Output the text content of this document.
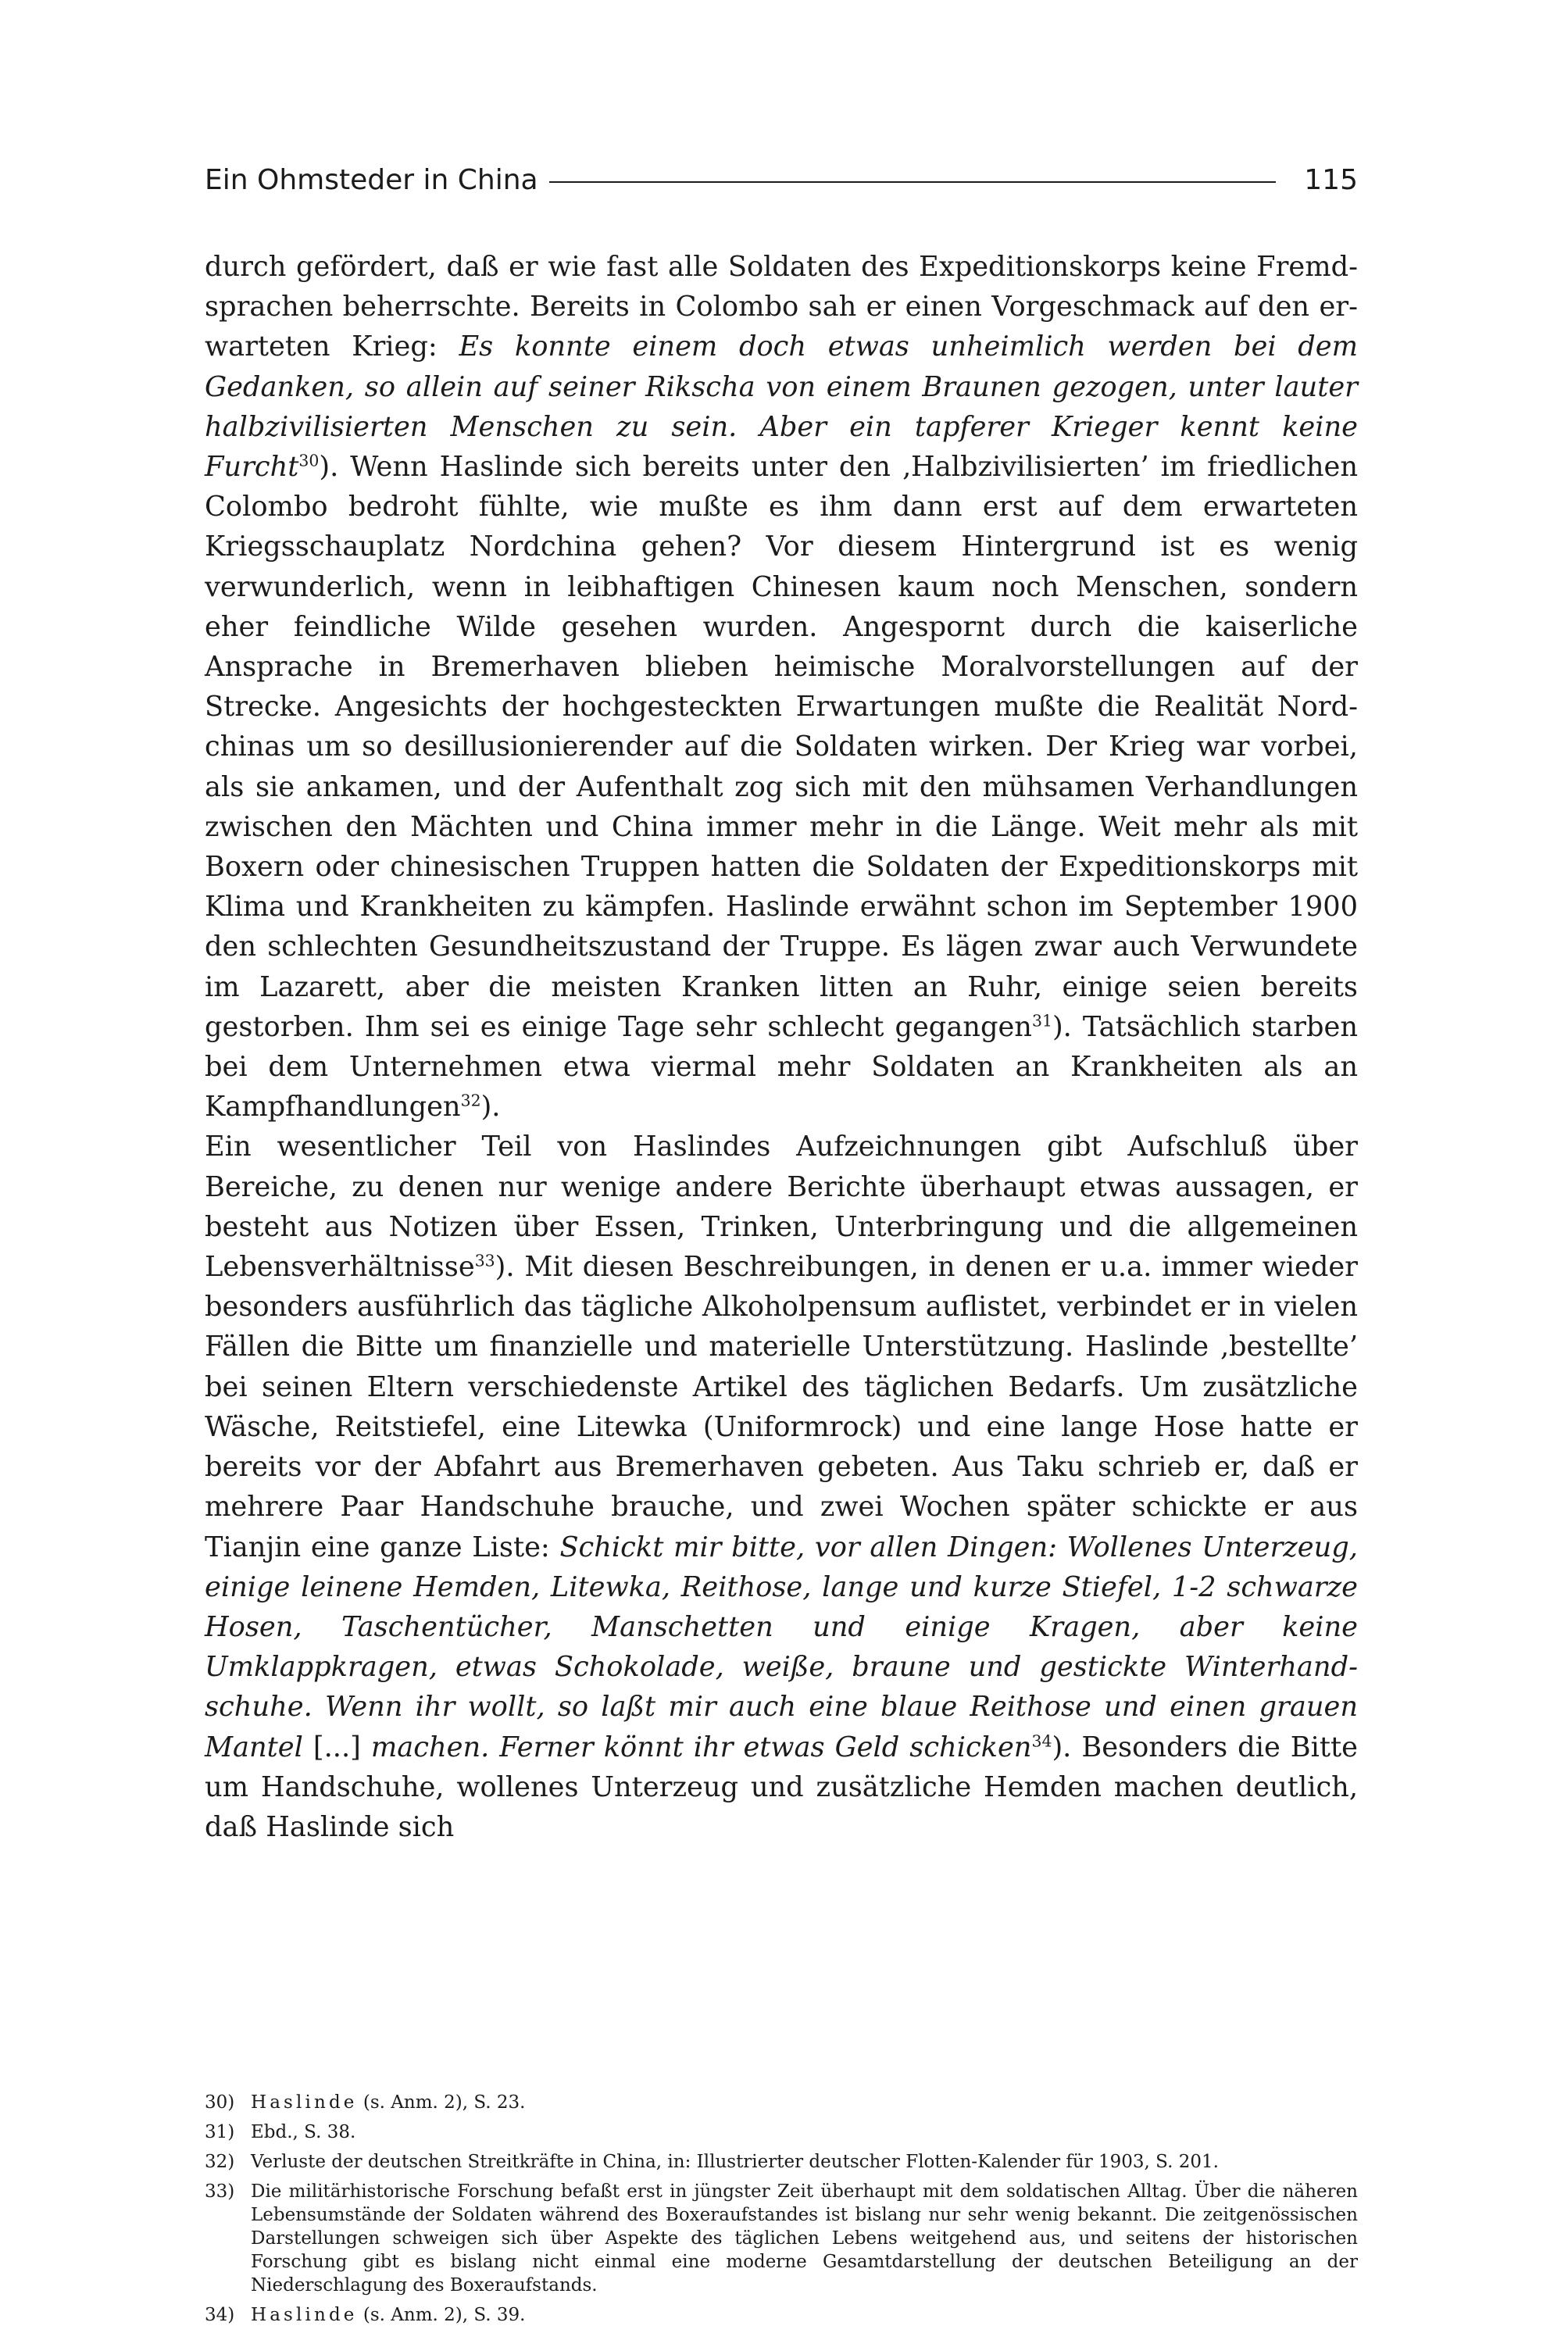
Ein Ohmsteder in China	115

durch gefördert, daß er wie fast alle Soldaten des Expeditionskorps keine Fremdsprachen beherrschte. Bereits in Colombo sah er einen Vorgeschmack auf den erwarteten Krieg: Es konnte einem doch etwas unheimlich werden bei dem Gedanken, so allein auf seiner Rikscha von einem Braunen gezogen, unter lauter halbzivilisierten Menschen zu sein. Aber ein tapferer Krieger kennt keine Furcht$^{30}$). Wenn Haslinde sich bereits unter den ‚Halbzivilisierten’ im friedlichen Colombo bedroht fühlte, wie mußte es ihm dann erst auf dem erwarteten Kriegsschauplatz Nordchina gehen? Vor diesem Hintergrund ist es wenig verwunderlich, wenn in leibhaftigen Chinesen kaum noch Menschen, sondern eher feindliche Wilde gesehen wurden. Angespornt durch die kaiserliche Ansprache in Bremerhaven blieben heimische Moralvorstellungen auf der Strecke. Angesichts der hochgesteckten Erwartungen mußte die Realität Nordchinas um so desillusionierender auf die Soldaten wirken. Der Krieg war vorbei, als sie ankamen, und der Aufenthalt zog sich mit den mühsamen Verhandlungen zwischen den Mächten und China immer mehr in die Länge. Weit mehr als mit Boxern oder chinesischen Truppen hatten die Soldaten der Expeditionskorps mit Klima und Krankheiten zu kämpfen. Haslinde erwähnt schon im September 1900 den schlechten Gesundheitszustand der Truppe. Es lägen zwar auch Verwundete im Lazarett, aber die meisten Kranken litten an Ruhr, einige seien bereits gestorben. Ihm sei es einige Tage sehr schlecht gegangen$^{31}$). Tatsächlich starben bei dem Unternehmen etwa viermal mehr Soldaten an Krankheiten als an Kampfhandlungen$^{32}$).

Ein wesentlicher Teil von Haslindes Aufzeichnungen gibt Aufschluß über Bereiche, zu denen nur wenige andere Berichte überhaupt etwas aussagen, er besteht aus Notizen über Essen, Trinken, Unterbringung und die allgemeinen Lebensverhältnisse$^{33}$). Mit diesen Beschreibungen, in denen er u.a. immer wieder besonders ausführlich das tägliche Alkoholpensum auflistet, verbindet er in vielen Fällen die Bitte um finanzielle und materielle Unterstützung. Haslinde ‚bestellte’ bei seinen Eltern verschiedenste Artikel des täglichen Bedarfs. Um zusätzliche Wäsche, Reitstiefel, eine Litewka (Uniformrock) und eine lange Hose hatte er bereits vor der Abfahrt aus Bremerhaven gebeten. Aus Taku schrieb er, daß er mehrere Paar Handschuhe brauche, und zwei Wochen später schickte er aus Tianjin eine ganze Liste: Schickt mir bitte, vor allen Dingen: Wollenes Unterzeug, einige leinene Hemden, Litewka, Reithose, lange und kurze Stiefel, 1-2 schwarze Hosen, Taschentücher, Manschetten und einige Kragen, aber keine Umklappkragen, etwas Schokolade, weiße, braune und gestickte Winterhandschuhe. Wenn ihr wollt, so laßt mir auch eine blaue Reithose und einen grauen Mantel [...] machen. Ferner könnt ihr etwas Geld schicken$^{34}$). Besonders die Bitte um Handschuhe, wollenes Unterzeug und zusätzliche Hemden machen deutlich, daß Haslinde sich

30) Haslinde (s. Anm. 2), S. 23.
31) Ebd., S. 38.
32) Verluste der deutschen Streitkräfte in China, in: Illustrierter deutscher Flotten-Kalender für 1903, S. 201.
33) Die militärhistorische Forschung befaßt erst in jüngster Zeit überhaupt mit dem soldatischen Alltag. Über die näheren Lebensumstände der Soldaten während des Boxeraufstandes ist bislang nur sehr wenig bekannt. Die zeitgenössischen Darstellungen schweigen sich über Aspekte des täglichen Lebens weitgehend aus, und seitens der historischen Forschung gibt es bislang nicht einmal eine moderne Gesamtdarstellung der deutschen Beteiligung an der Niederschlagung des Boxeraufstands.
34) Haslinde (s. Anm. 2), S. 39.
